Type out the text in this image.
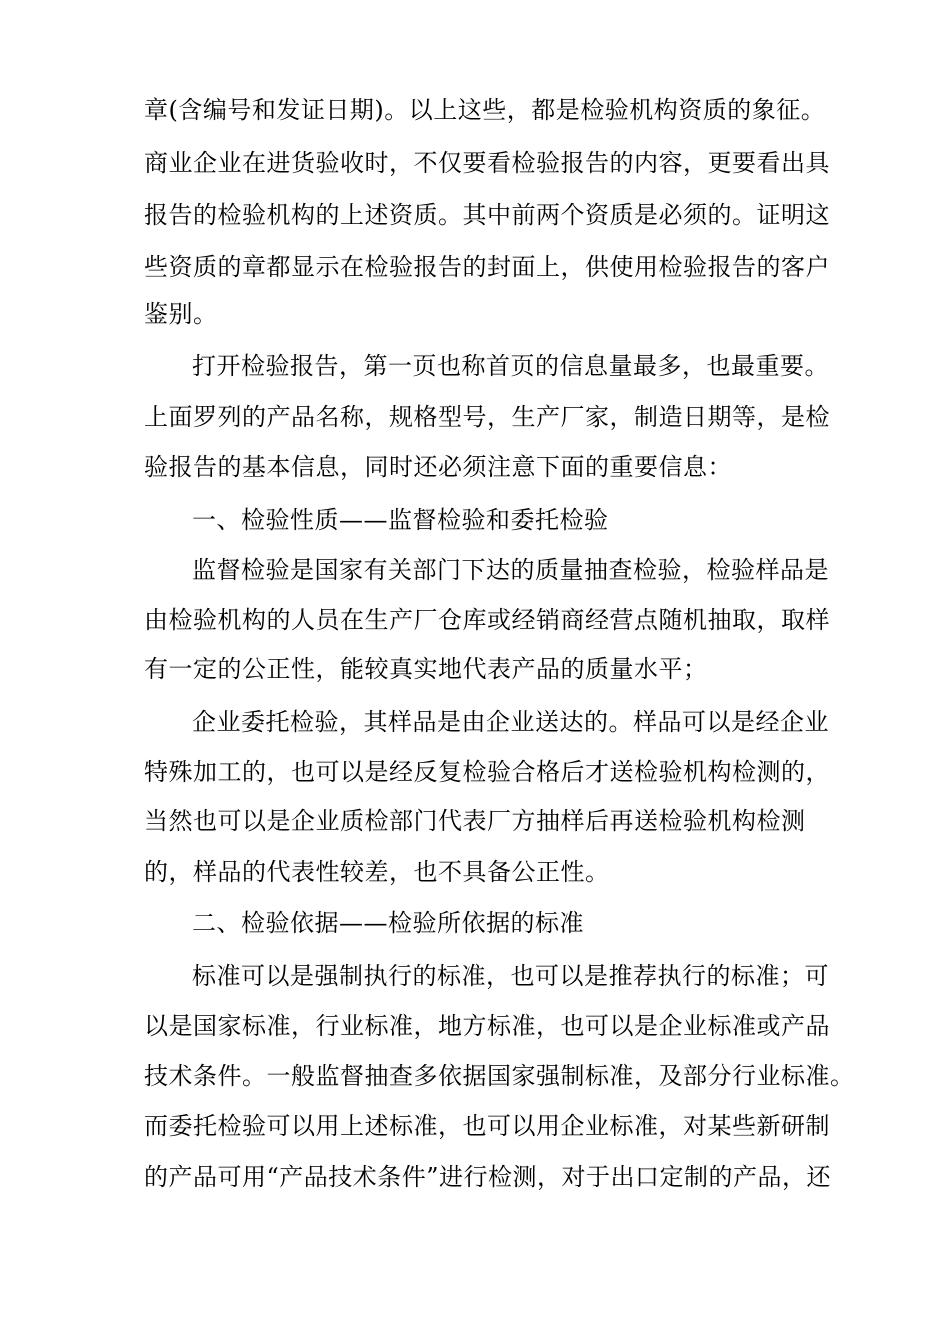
章(含编号和发证日期)。以上这些，都是检验机构资质的象征。
商业企业在进货验收时，不仅要看检验报告的内容，更要看出具
报告的检验机构的上述资质。其中前两个资质是必须的。证明这
些资质的章都显示在检验报告的封面上，供使用检验报告的客户
鉴别。
打开检验报告，第一页也称首页的信息量最多，也最重要。
上面罗列的产品名称，规格型号，生产厂家，制造日期等，是检
验报告的基本信息，同时还必须注意下面的重要信息：
一、检验性质——监督检验和委托检验
监督检验是国家有关部门下达的质量抽查检验，检验样品是
由检验机构的人员在生产厂仓库或经销商经营点随机抽取，取样
有一定的公正性，能较真实地代表产品的质量水平；
企业委托检验，其样品是由企业送达的。样品可以是经企业
特殊加工的，也可以是经反复检验合格后才送检验机构检测的，
当然也可以是企业质检部门代表厂方抽样后再送检验机构检测
的，样品的代表性较差，也不具备公正性。
二、检验依据——检验所依据的标准
标准可以是强制执行的标准，也可以是推荐执行的标准；可
以是国家标准，行业标准，地方标准，也可以是企业标准或产品
技术条件。一般监督抽查多依据国家强制标准，及部分行业标准。
而委托检验可以用上述标准，也可以用企业标准，对某些新研制
的产品可用“产品技术条件”进行检测，对于出口定制的产品，还
